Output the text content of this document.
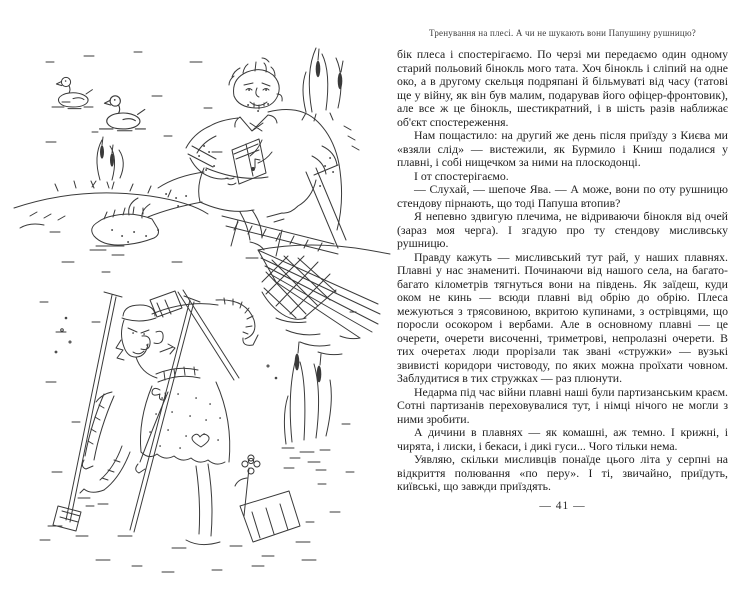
Тренування на плесі. А чи не шукають вони Папушину рушницю?

бік плеса і спостерігаємо. По черзі ми передаємо один одному старий польовий бінокль мого тата. Хоч бінокль і сліпий на одне око, а в другому скельця подряпані й більмуваті від часу (татові ще у війну, як він був малим, подарував його офіцер-фронтовик), але все ж це бінокль, шестикратний, і в шість разів наближає об'єкт спостереження.

Нам пощастило: на другий же день після приїзду з Києва ми «взяли слід» — вистежили, як Бурмило і Книш подалися у плавні, і собі нищечком за ними на плоскодонці.

І от спостерігаємо.

— Слухай, — шепоче Ява. — А може, вони по оту рушницю стендову пірнають, що тоді Папуша втопив?

Я непевно здвигую плечима, не відриваючи бінокля від очей (зараз моя черга). І згадую про ту стендову мисливську рушницю.

Правду кажуть — мисливський тут рай, у наших плавнях. Плавні у нас знамениті. Починаючи від нашого села, на багато-багато кілометрів тягнуться вони на південь. Як заїдеш, куди оком не кинь — всюди плавні від обрію до обрію. Плеса межуються з трясовиною, вкритою купинами, з острівцями, що поросли осокором і вербами. Але в основному плавні — це очерети, очерети височенні, триметрові, непролазні очерети. В тих очеретах люди прорізали так звані «стружки» — вузькі звивисті коридори чистоводу, по яких можна проїхати човном. Заблудитися в тих стружках — раз плюнути.

Недарма під час війни плавні наші були партизанським краєм. Сотні партизанів переховувалися тут, і німці нічого не могли з ними зробити.

А дичини в плавнях — як комашні, аж темно. І крижні, і чирята, і лиски, і бекаси, і дикі гуси... Чого тільки нема.

Уявляю, скільки мисливців понаїде цього літа у серпні на відкриття полювання «по перу». І ті, звичайно, приїдуть, київські, що завжди приїздять.

— 41 —
